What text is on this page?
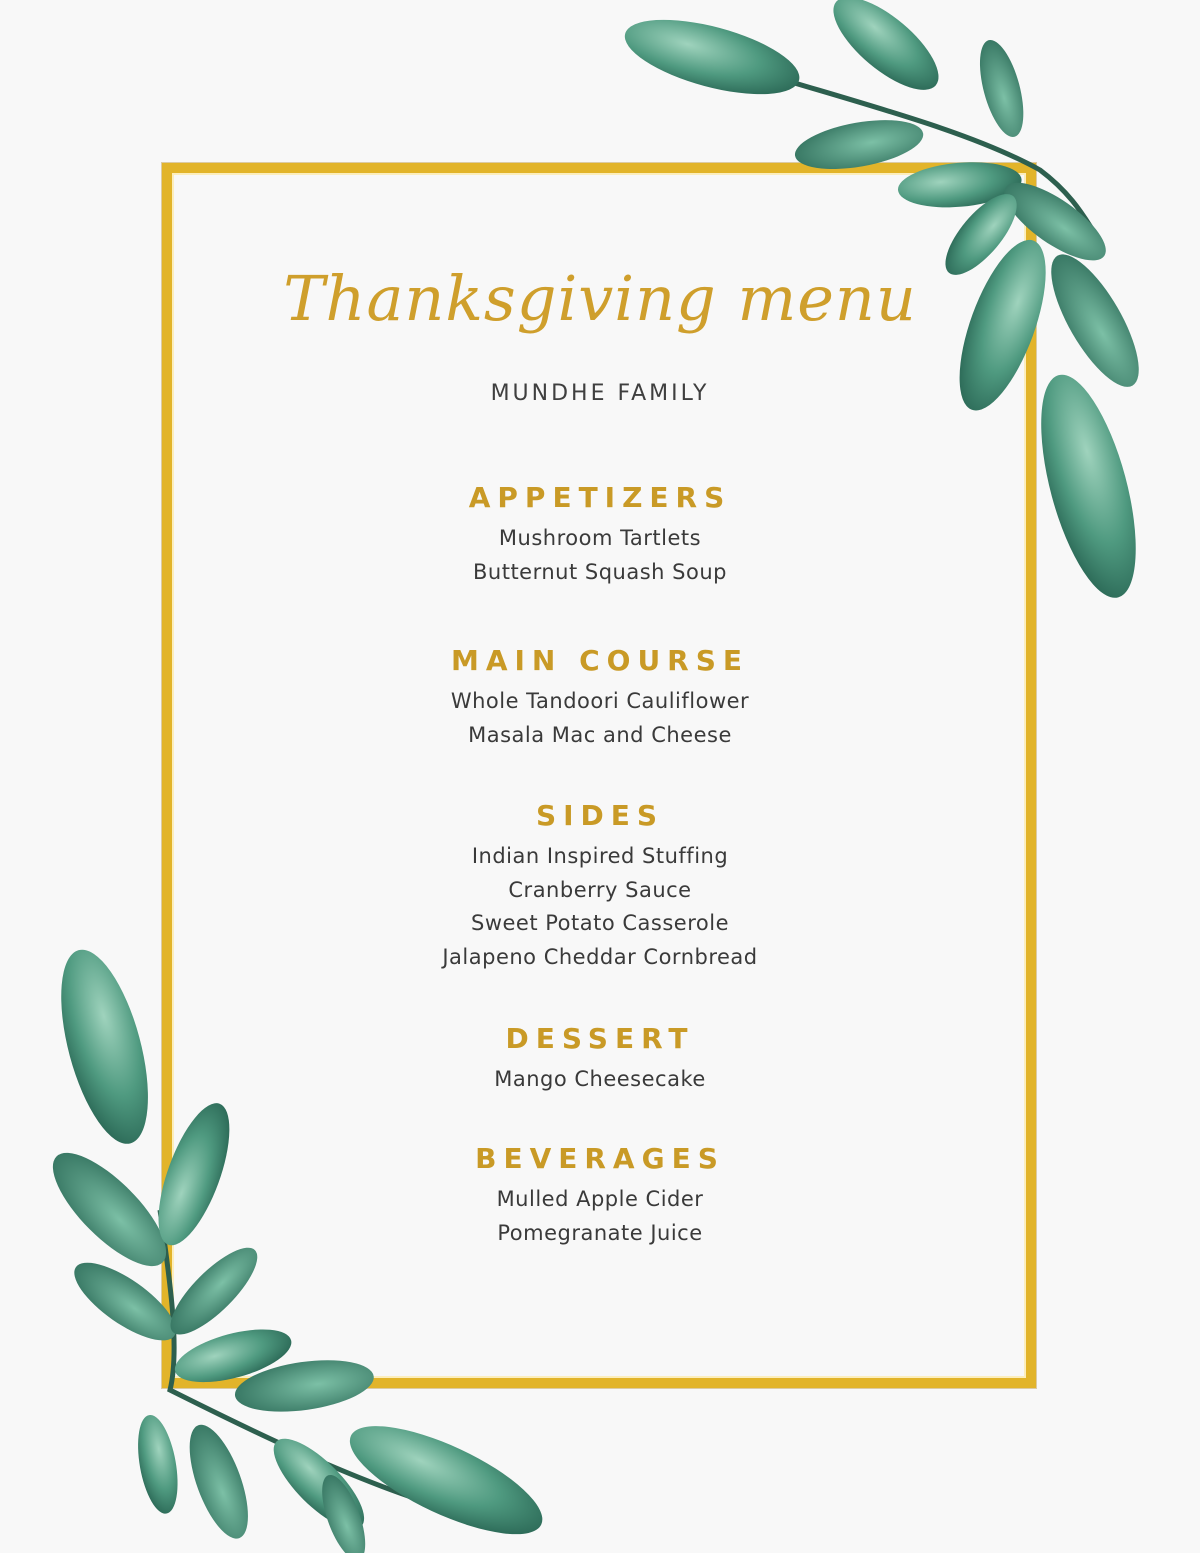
Thanksgiving menu
MUNDHE FAMILY
APPETIZERS
Mushroom Tartlets
Butternut Squash Soup
MAIN COURSE
Whole Tandoori Cauliflower
Masala Mac and Cheese
SIDES
Indian Inspired Stuffing
Cranberry Sauce
Sweet Potato Casserole
Jalapeno Cheddar Cornbread
DESSERT
Mango Cheesecake
BEVERAGES
Mulled Apple Cider
Pomegranate Juice
